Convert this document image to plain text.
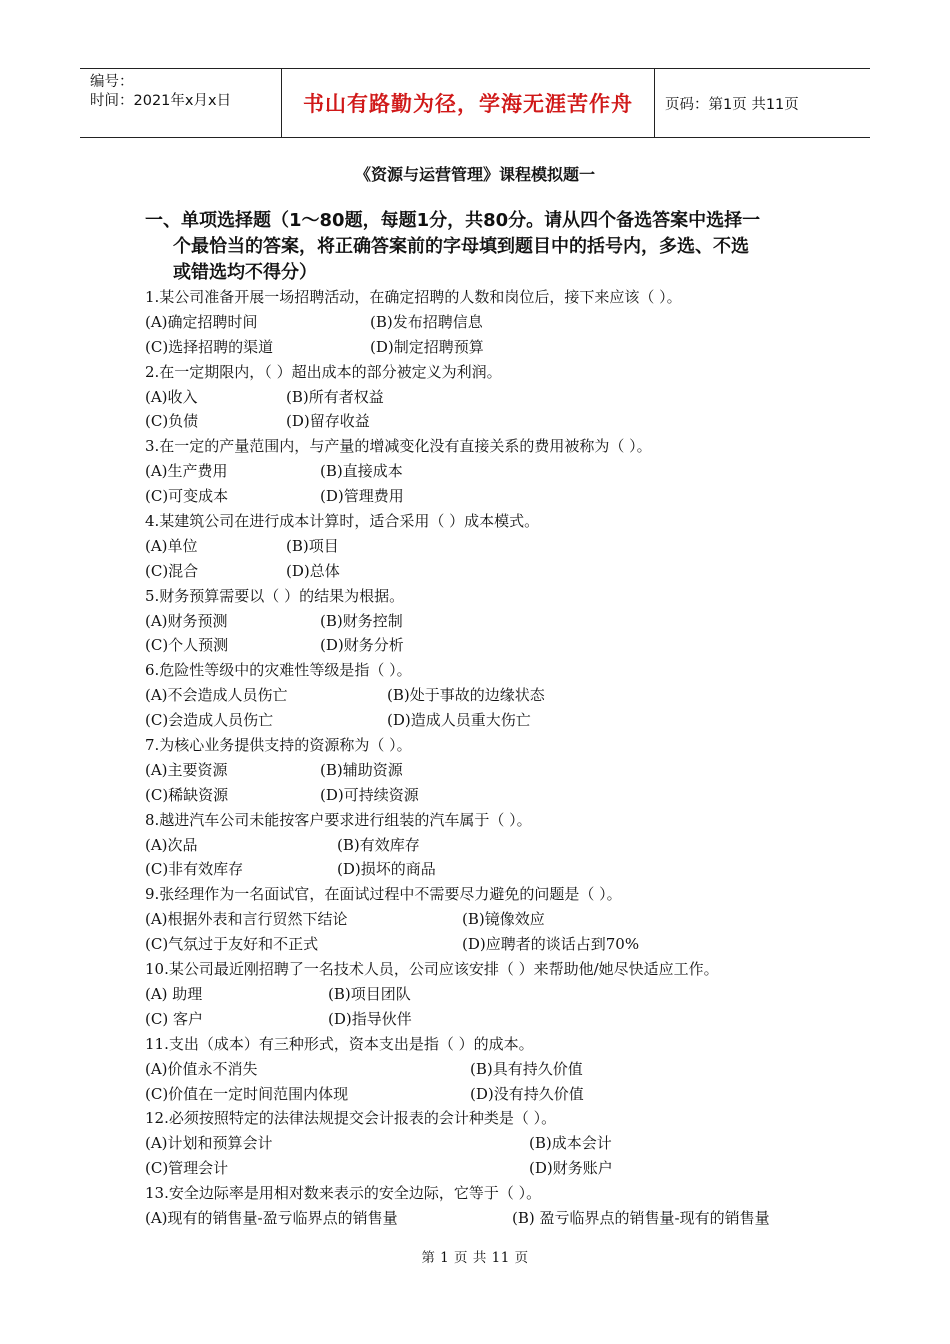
编号：
时间：2021年x月x日	书山有路勤为径，学海无涯苦作舟	页码：第1页 共11页
《资源与运营管理》课程模拟题一
一、单项选择题（1～80题，每题1分，共80分。请从四个备选答案中选择一
个最恰当的答案，将正确答案前的字母填到题目中的括号内，多选、不选
或错选均不得分）
1.某公司准备开展一场招聘活动，在确定招聘的人数和岗位后，接下来应该（ ）。
(A)确定招聘时间	(B)发布招聘信息
(C)选择招聘的渠道	(D)制定招聘预算
2.在一定期限内，（ ）超出成本的部分被定义为利润。
(A)收入	(B)所有者权益
(C)负债	(D)留存收益
3.在一定的产量范围内，与产量的增减变化没有直接关系的费用被称为（ ）。
(A)生产费用	(B)直接成本
(C)可变成本	(D)管理费用
4.某建筑公司在进行成本计算时，适合采用（ ）成本模式。
(A)单位	(B)项目
(C)混合	(D)总体
5.财务预算需要以（ ）的结果为根据。
(A)财务预测	(B)财务控制
(C)个人预测	(D)财务分析
6.危险性等级中的灾难性等级是指（ ）。
(A)不会造成人员伤亡	(B)处于事故的边缘状态
(C)会造成人员伤亡	(D)造成人员重大伤亡
7.为核心业务提供支持的资源称为（ ）。
(A)主要资源	(B)辅助资源
(C)稀缺资源	(D)可持续资源
8.越进汽车公司未能按客户要求进行组装的汽车属于（ ）。
(A)次品	(B)有效库存
(C)非有效库存	(D)损坏的商品
9.张经理作为一名面试官，在面试过程中不需要尽力避免的问题是（ ）。
(A)根据外表和言行贸然下结论	(B)镜像效应
(C)气氛过于友好和不正式	(D)应聘者的谈话占到70%
10.某公司最近刚招聘了一名技术人员，公司应该安排（ ）来帮助他/她尽快适应工作。
(A) 助理	(B)项目团队
(C) 客户	(D)指导伙伴
11.支出（成本）有三种形式，资本支出是指（ ）的成本。
(A)价值永不消失	(B)具有持久价值
(C)价值在一定时间范围内体现	(D)没有持久价值
12.必须按照特定的法律法规提交会计报表的会计种类是（ ）。
(A)计划和预算会计	(B)成本会计
(C)管理会计	(D)财务账户
13.安全边际率是用相对数来表示的安全边际，它等于（ ）。
(A)现有的销售量-盈亏临界点的销售量	(B) 盈亏临界点的销售量-现有的销售量
第 1 页 共 11 页
